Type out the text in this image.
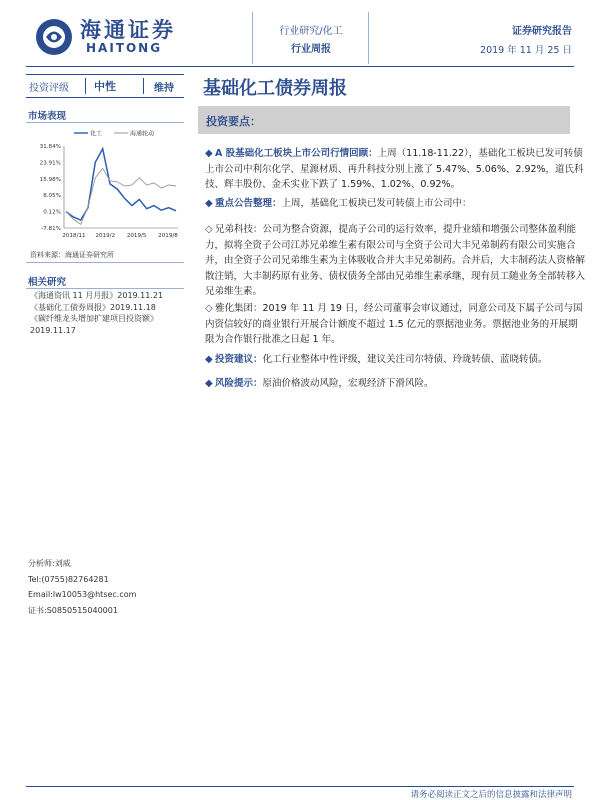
海通证券
HAITONG
行业研究/化工
行业周报
证券研究报告
2019 年 11 月 25 日
投资评级 中性	维持 基础化工债券周报
市场表现
化工	海通轮动
31.84%
23.91%
15.98%
8.05%
0.12%
-7.81%
2018/11 2019/2 2019/5 2019/8
资料来源：海通证券研究所
相关研究
《海通资讯 11 月月报》2019.11.21
《基础化工债券周报》2019.11.18
《碳纤维龙头增加扩建项目投资额》
2019.11.17
分析师:刘威
Tel:(0755)82764281
Email:lw10053@htsec.com
证书:S0850515040001
投资要点：
◆ A 股基础化工板块上市公司行情回顾：上周（11.18-11.22），基础化工板块已发可转债上市公司中利尔化学、星源材质、再升科技分别上涨了 5.47%、5.06%、2.92%，道氏科技、辉丰股份、金禾实业下跌了 1.59%、1.02%、0.92%。
◆ 重点公告整理：上周，基础化工板块已发可转债上市公司中：
◇ 兄弟科技：公司为整合资源，提高子公司的运行效率，提升业绩和增强公司整体盈利能力，拟将全资子公司江苏兄弟维生素有限公司与全资子公司大丰兄弟制药有限公司实施合并，由全资子公司兄弟维生素为主体吸收合并大丰兄弟制药。合并后，大丰制药法人资格解散注销，大丰制药原有业务、债权债务全部由兄弟维生素承继，现有员工随业务全部转移入兄弟维生素。
◇ 雅化集团：2019 年 11 月 19 日，经公司董事会审议通过，同意公司及下属子公司与国内资信较好的商业银行开展合计额度不超过 1.5 亿元的票据池业务。票据池业务的开展期限为合作银行批准之日起 1 年。
◆ 投资建议：化工行业整体中性评级，建议关注司尔特债、玲珑转债、蓝晓转债。
◆ 风险提示：原油价格波动风险，宏观经济下滑风险。
请务必阅读正文之后的信息披露和法律声明
